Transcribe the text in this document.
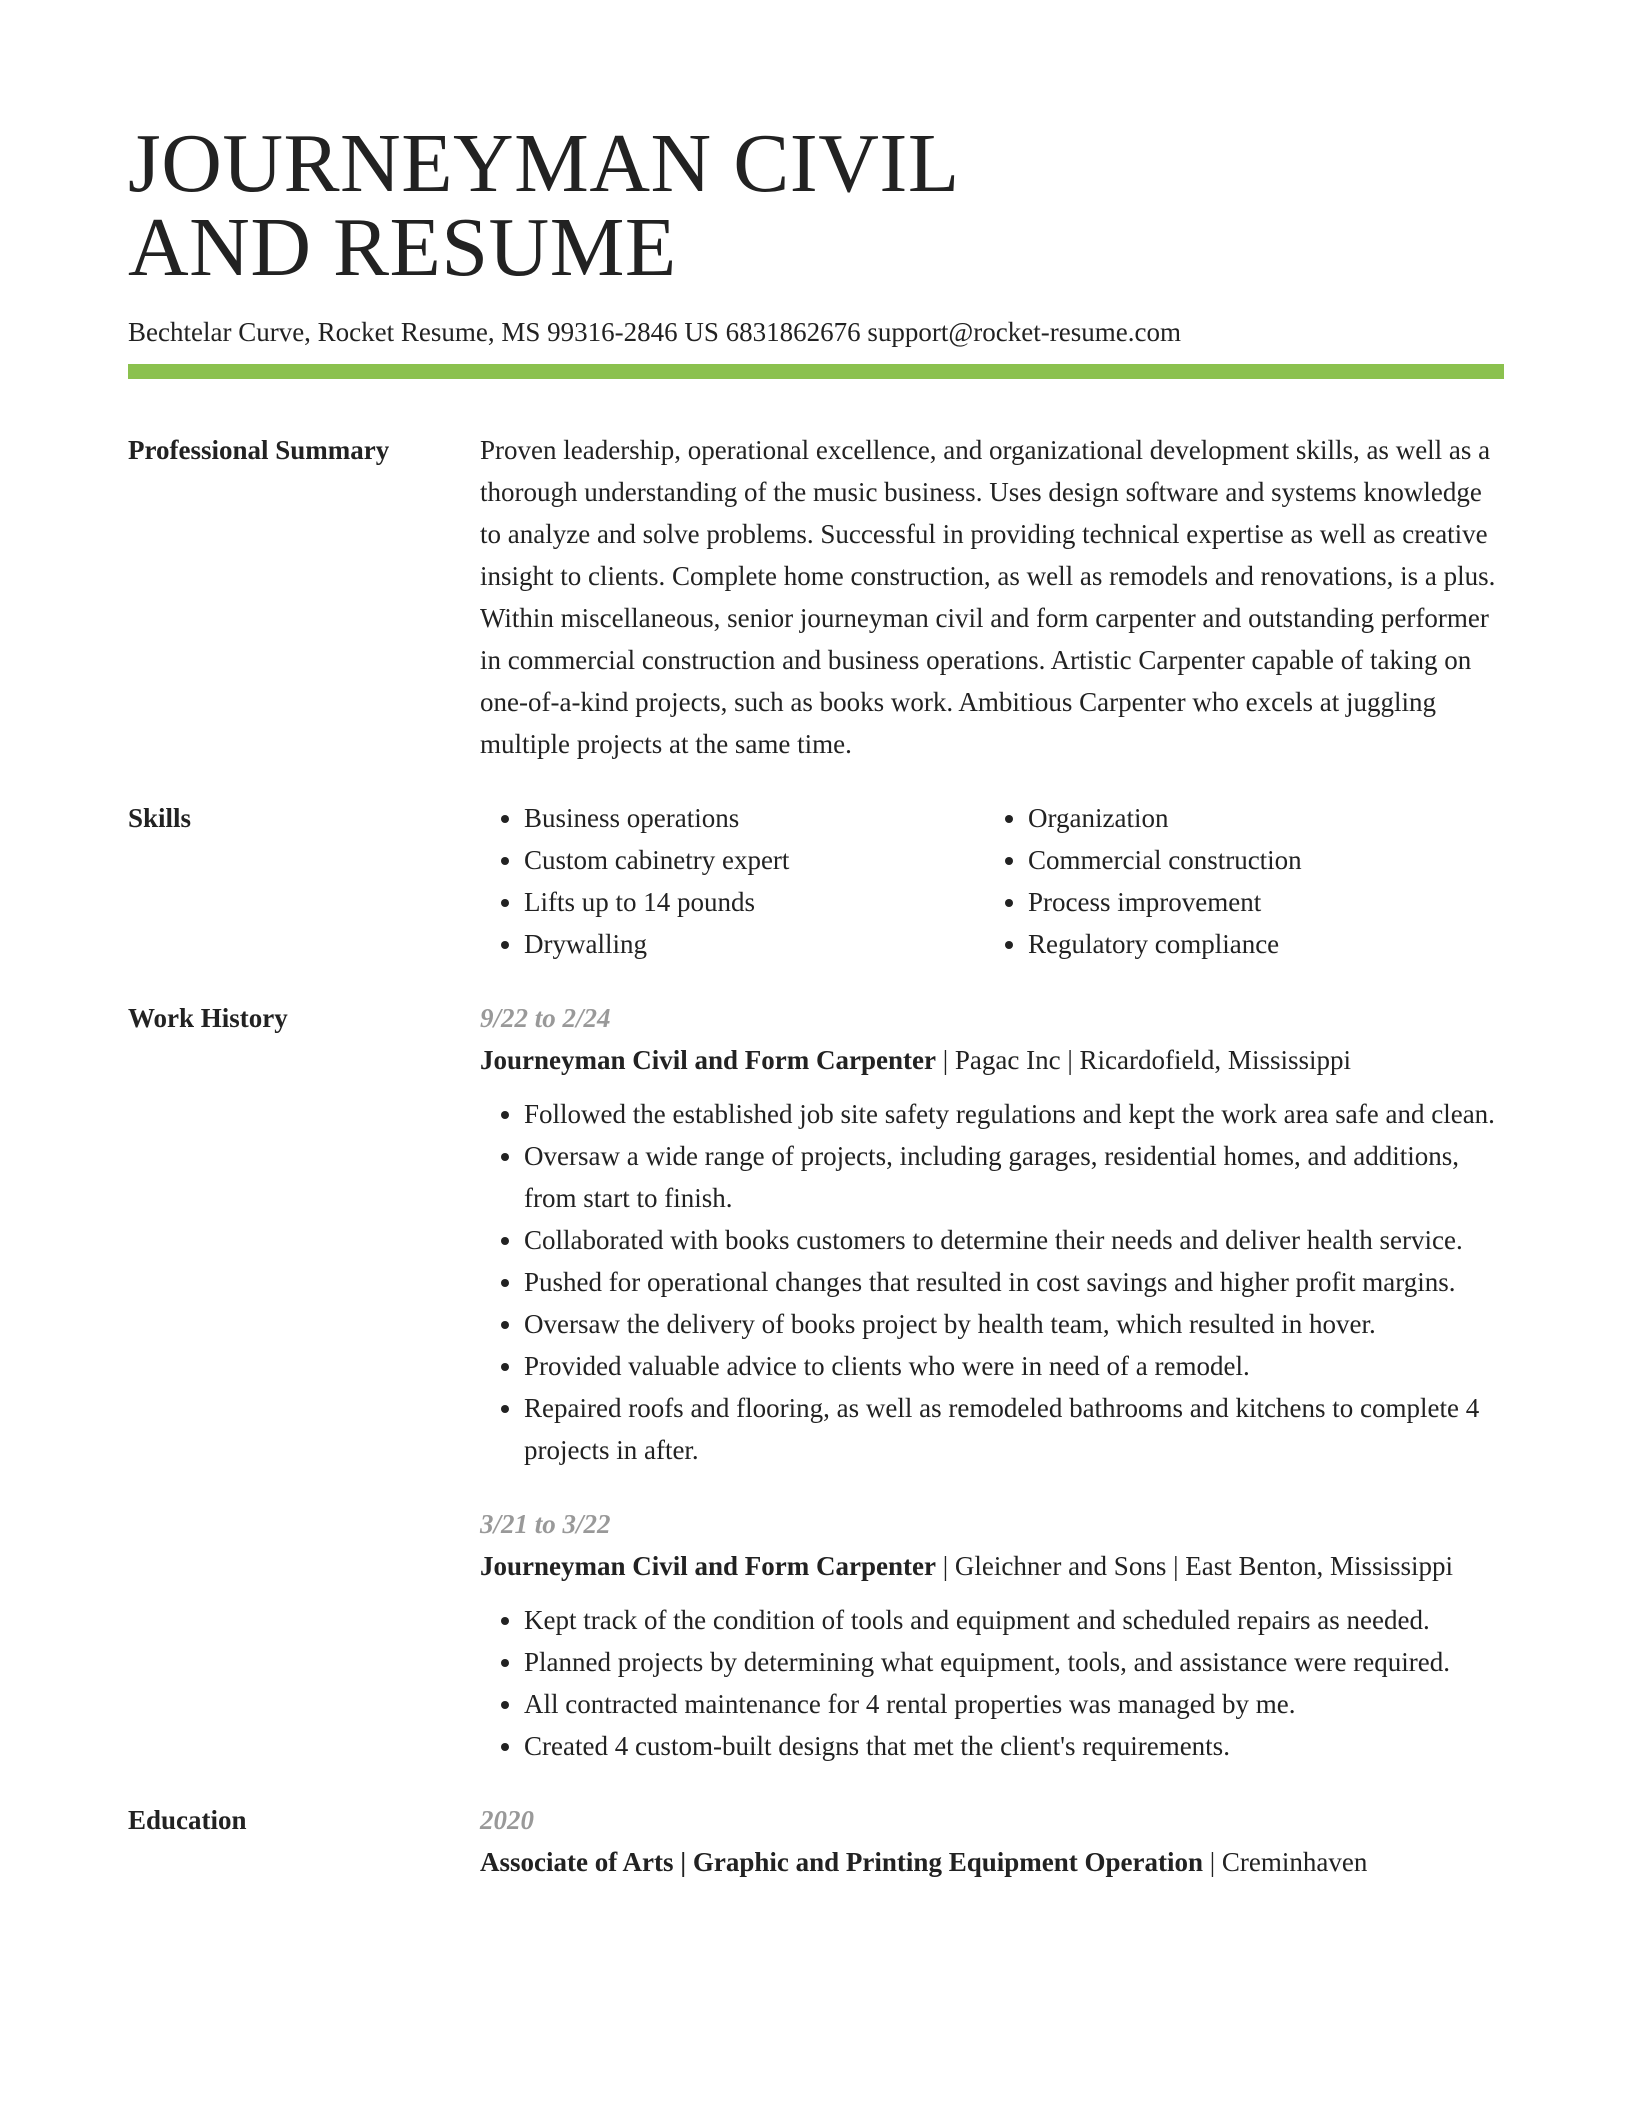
JOURNEYMAN CIVIL
AND RESUME
Bechtelar Curve, Rocket Resume, MS 99316-2846 US 6831862676 support@rocket-resume.com
Professional Summary	Proven leadership, operational excellence, and organizational development skills, as well as a thorough understanding of the music business. Uses design software and systems knowledge to analyze and solve problems. Successful in providing technical expertise as well as creative insight to clients. Complete home construction, as well as remodels and renovations, is a plus. Within miscellaneous, senior journeyman civil and form carpenter and outstanding performer in commercial construction and business operations. Artistic Carpenter capable of taking on one-of-a-kind projects, such as books work. Ambitious Carpenter who excels at juggling multiple projects at the same time.
Skills	• Business operations
• Custom cabinetry expert
• Lifts up to 14 pounds
• Drywalling
• Organization
• Commercial construction
• Process improvement
• Regulatory compliance
Work History	9/22 to 2/24
Journeyman Civil and Form Carpenter | Pagac Inc | Ricardofield, Mississippi
• Followed the established job site safety regulations and kept the work area safe and clean.
• Oversaw a wide range of projects, including garages, residential homes, and additions, from start to finish.
• Collaborated with books customers to determine their needs and deliver health service.
• Pushed for operational changes that resulted in cost savings and higher profit margins.
• Oversaw the delivery of books project by health team, which resulted in hover.
• Provided valuable advice to clients who were in need of a remodel.
• Repaired roofs and flooring, as well as remodeled bathrooms and kitchens to complete 4 projects in after.
3/21 to 3/22
Journeyman Civil and Form Carpenter | Gleichner and Sons | East Benton, Mississippi
• Kept track of the condition of tools and equipment and scheduled repairs as needed.
• Planned projects by determining what equipment, tools, and assistance were required.
• All contracted maintenance for 4 rental properties was managed by me.
• Created 4 custom-built designs that met the client's requirements.
Education	2020
Associate of Arts | Graphic and Printing Equipment Operation | Creminhaven
